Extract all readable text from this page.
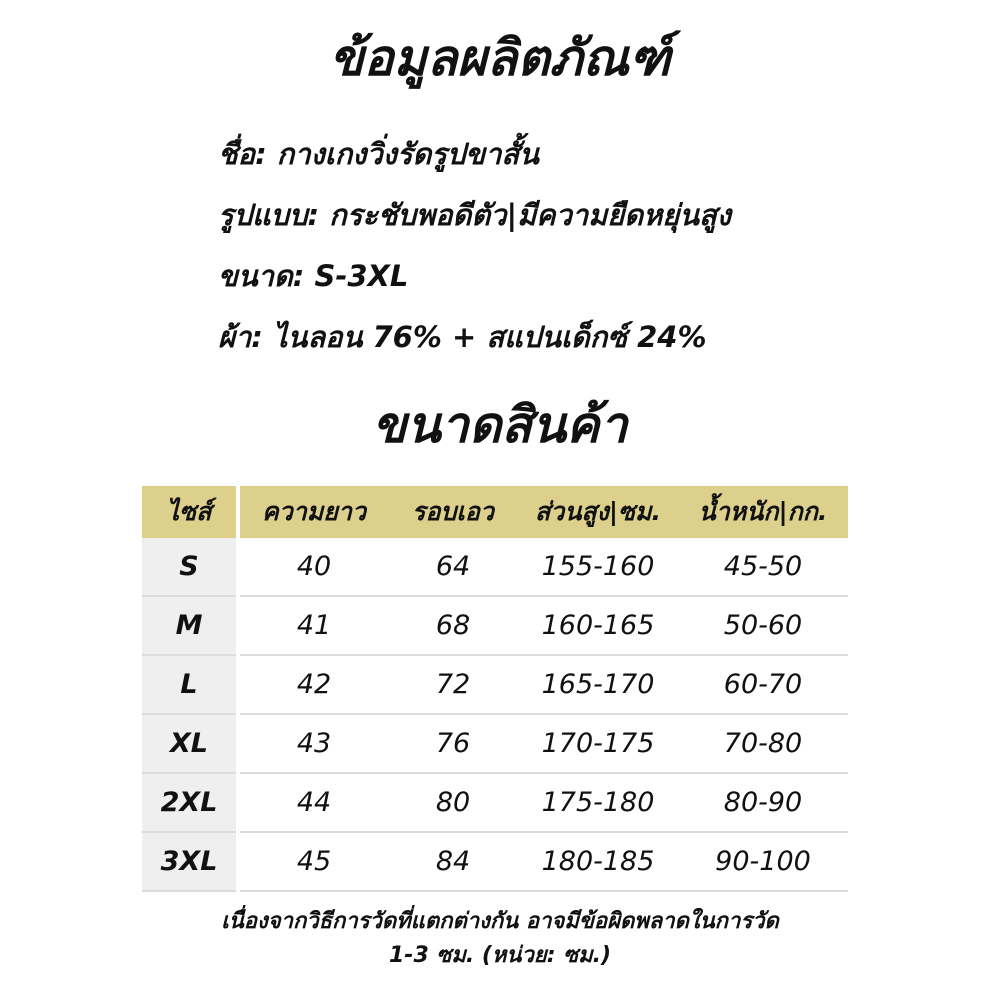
ข้อมูลผลิตภัณฑ์
ชื่อ: กางเกงวิ่งรัดรูปขาสั้น
รูปแบบ: กระชับพอดีตัว|มีความยืดหยุ่นสูง
ขนาด: S-3XL
ผ้า: ไนลอน 76% + สแปนเด็กซ์ 24%
ขนาดสินค้า
ไซส์	ความยาว	รอบเอว	ส่วนสูง|ซม.	น้ำหนัก|กก.
S	40	64	155-160	45-50
M	41	68	160-165	50-60
L	42	72	165-170	60-70
XL	43	76	170-175	70-80
2XL	44	80	175-180	80-90
3XL	45	84	180-185	90-100
เนื่องจากวิธีการวัดที่แตกต่างกัน อาจมีข้อผิดพลาดในการวัด
1-3 ซม. (หน่วย: ซม.)
